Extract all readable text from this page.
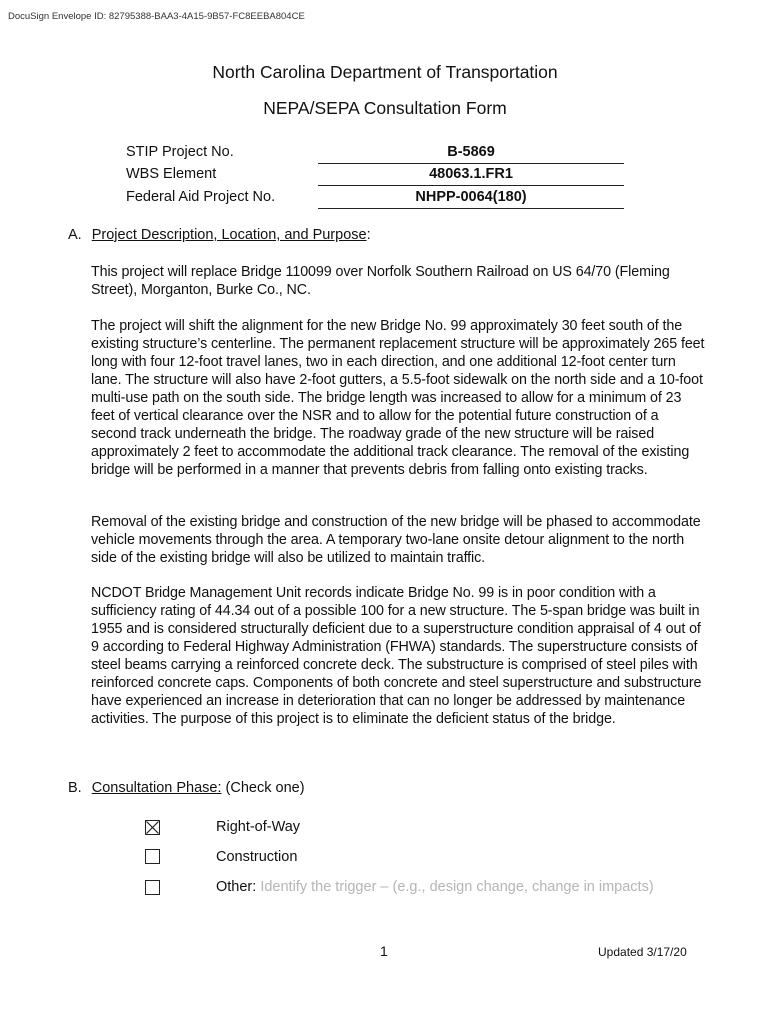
DocuSign Envelope ID: 82795388-BAA3-4A15-9B57-FC8EEBA804CE
North Carolina Department of Transportation
NEPA/SEPA Consultation Form
STIP Project No.	B-5869
WBS Element	48063.1.FR1
Federal Aid Project No.	NHPP-0064(180)
A. Project Description, Location, and Purpose:

This project will replace Bridge 110099 over Norfolk Southern Railroad on US 64/70 (Fleming Street), Morganton, Burke Co., NC.

The project will shift the alignment for the new Bridge No. 99 approximately 30 feet south of the existing structure’s centerline. The permanent replacement structure will be approximately 265 feet long with four 12-foot travel lanes, two in each direction, and one additional 12-foot center turn lane. The structure will also have 2-foot gutters, a 5.5-foot sidewalk on the north side and a 10-foot multi-use path on the south side. The bridge length was increased to allow for a minimum of 23 feet of vertical clearance over the NSR and to allow for the potential future construction of a second track underneath the bridge. The roadway grade of the new structure will be raised approximately 2 feet to accommodate the additional track clearance. The removal of the existing bridge will be performed in a manner that prevents debris from falling onto existing tracks.

Removal of the existing bridge and construction of the new bridge will be phased to accommodate vehicle movements through the area. A temporary two-lane onsite detour alignment to the north side of the existing bridge will also be utilized to maintain traffic.

NCDOT Bridge Management Unit records indicate Bridge No. 99 is in poor condition with a sufficiency rating of 44.34 out of a possible 100 for a new structure. The 5-span bridge was built in 1955 and is considered structurally deficient due to a superstructure condition appraisal of 4 out of 9 according to Federal Highway Administration (FHWA) standards. The superstructure consists of steel beams carrying a reinforced concrete deck. The substructure is comprised of steel piles with reinforced concrete caps. Components of both concrete and steel superstructure and substructure have experienced an increase in deterioration that can no longer be addressed by maintenance activities. The purpose of this project is to eliminate the deficient status of the bridge.

B. Consultation Phase: (Check one)
Right-of-Way
Construction
Other: Identify the trigger – (e.g., design change, change in impacts)
1	Updated 3/17/20
